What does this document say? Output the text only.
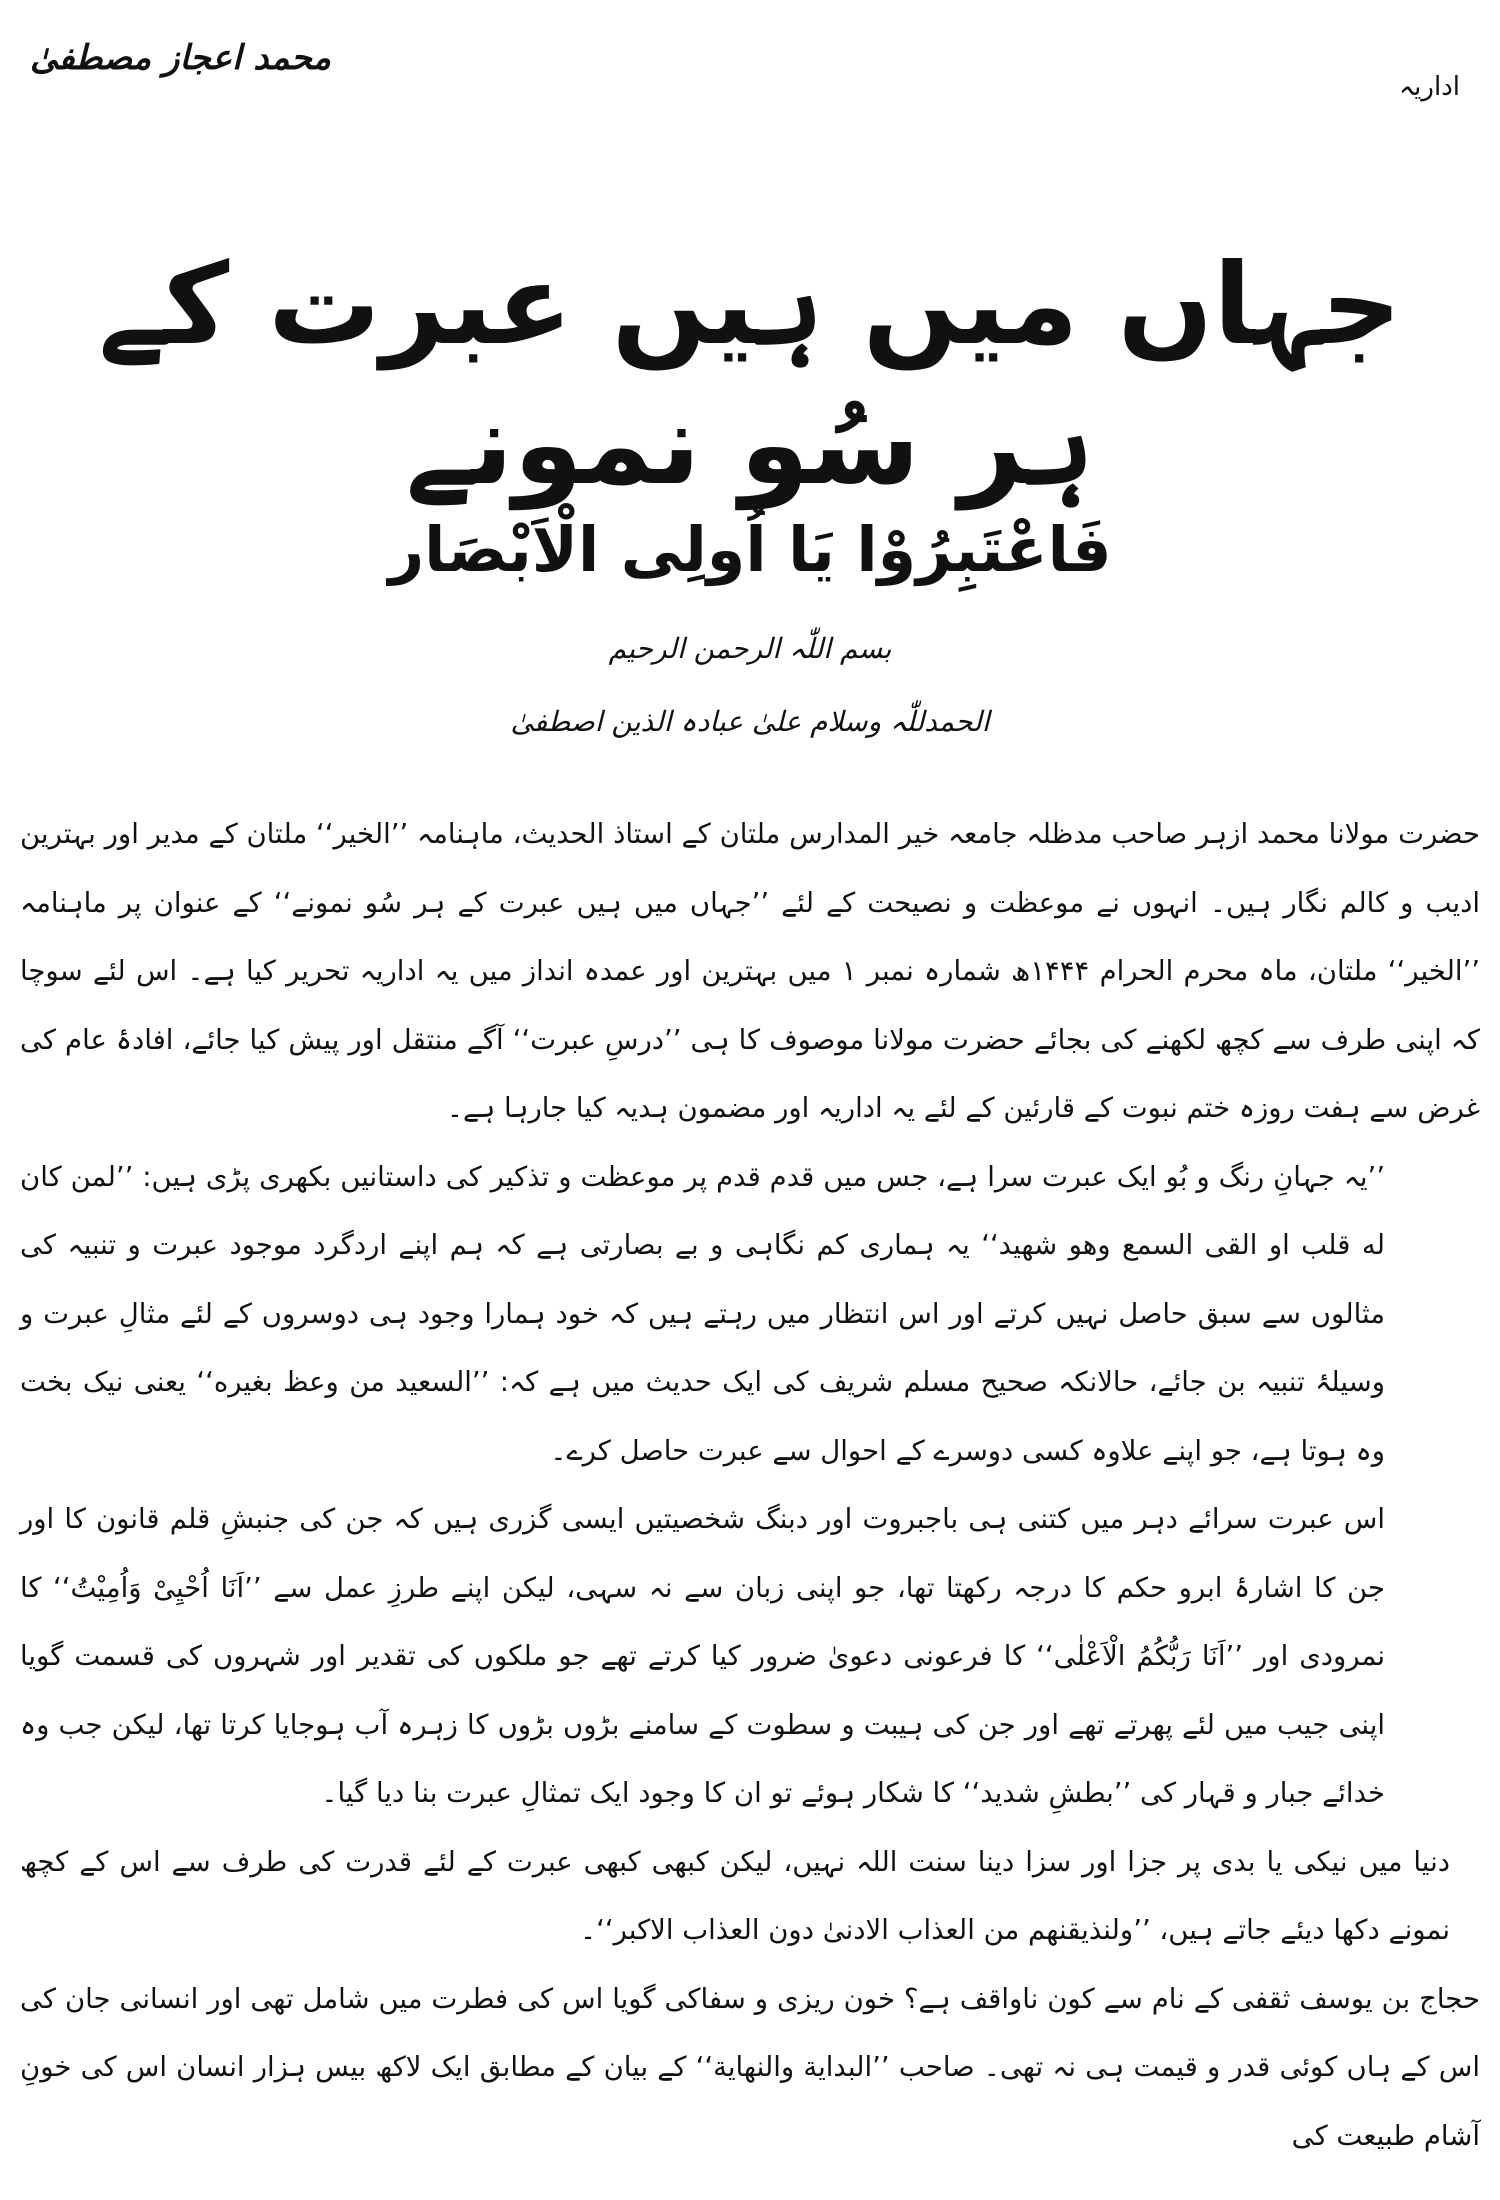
محمد اعجاز مصطفیٰ
اداریہ
جہاں میں ہیں عبرت کے ہر سُو نمونے
فَاعْتَبِرُوْا یَا اُولِی الْاَبْصَار
بسم اللّٰہ الرحمن الرحیم
الحمدللّٰہ وسلام علیٰ عبادہ الذین اصطفیٰ

حضرت مولانا محمد ازہر صاحب مدظلہ جامعہ خیر المدارس ملتان کے استاذ الحدیث، ماہنامہ ’’الخیر‘‘ ملتان کے مدیر اور بہترین ادیب و کالم نگار ہیں۔ انہوں نے موعظت و نصیحت کے لئے ’’جہاں میں ہیں عبرت کے ہر سُو نمونے‘‘ کے عنوان پر ماہنامہ ’’الخیر‘‘ ملتان، ماہ محرم الحرام ۱۴۴۴ھ شمارہ نمبر ۱ میں بہترین اور عمدہ انداز میں یہ اداریہ تحریر کیا ہے۔ اس لئے سوچا کہ اپنی طرف سے کچھ لکھنے کی بجائے حضرت مولانا موصوف کا ہی ’’درسِ عبرت‘‘ آگے منتقل اور پیش کیا جائے، افادۂ عام کی غرض سے ہفت روزہ ختم نبوت کے قارئین کے لئے یہ اداریہ اور مضمون ہدیہ کیا جارہا ہے۔

’’یہ جہانِ رنگ و بُو ایک عبرت سرا ہے، جس میں قدم قدم پر موعظت و تذکیر کی داستانیں بکھری پڑی ہیں: ’’لمن کان له قلب او القی السمع وهو شهید‘‘ یہ ہماری کم نگاہی و بے بصارتی ہے کہ ہم اپنے اردگرد موجود عبرت و تنبیہ کی مثالوں سے سبق حاصل نہیں کرتے اور اس انتظار میں رہتے ہیں کہ خود ہمارا وجود ہی دوسروں کے لئے مثالِ عبرت و وسیلۂ تنبیہ بن جائے، حالانکہ صحیح مسلم شریف کی ایک حدیث میں ہے کہ: ’’السعید من وعظ بغیره‘‘ یعنی نیک بخت وہ ہوتا ہے، جو اپنے علاوہ کسی دوسرے کے احوال سے عبرت حاصل کرے۔

اس عبرت سرائے دہر میں کتنی ہی باجبروت اور دبنگ شخصیتیں ایسی گزری ہیں کہ جن کی جنبشِ قلم قانون کا اور جن کا اشارۂ ابرو حکم کا درجہ رکھتا تھا، جو اپنی زبان سے نہ سہی، لیکن اپنے طرزِ عمل سے ’’اَنَا اُحْیِیْ وَاُمِیْتُ‘‘ کا نمرودی اور ’’اَنَا رَبُّکُمُ الْاَعْلٰی‘‘ کا فرعونی دعویٰ ضرور کیا کرتے تھے جو ملکوں کی تقدیر اور شہروں کی قسمت گویا اپنی جیب میں لئے پھرتے تھے اور جن کی ہیبت و سطوت کے سامنے بڑوں بڑوں کا زہرہ آب ہوجایا کرتا تھا، لیکن جب وہ خدائے جبار و قہار کی ’’بطشِ شدید‘‘ کا شکار ہوئے تو ان کا وجود ایک تمثالِ عبرت بنا دیا گیا۔

دنیا میں نیکی یا بدی پر جزا اور سزا دینا سنت اللہ نہیں، لیکن کبھی کبھی عبرت کے لئے قدرت کی طرف سے اس کے کچھ نمونے دکھا دیئے جاتے ہیں، ’’ولنذیقنهم من العذاب الادنیٰ دون العذاب الاکبر‘‘۔

حجاج بن یوسف ثقفی کے نام سے کون ناواقف ہے؟ خون ریزی و سفاکی گویا اس کی فطرت میں شامل تھی اور انسانی جان کی اس کے ہاں کوئی قدر و قیمت ہی نہ تھی۔ صاحب ’’البدایة والنهایة‘‘ کے بیان کے مطابق ایک لاکھ بیس ہزار انسان اس کی خونِ آشام طبیعت کی
